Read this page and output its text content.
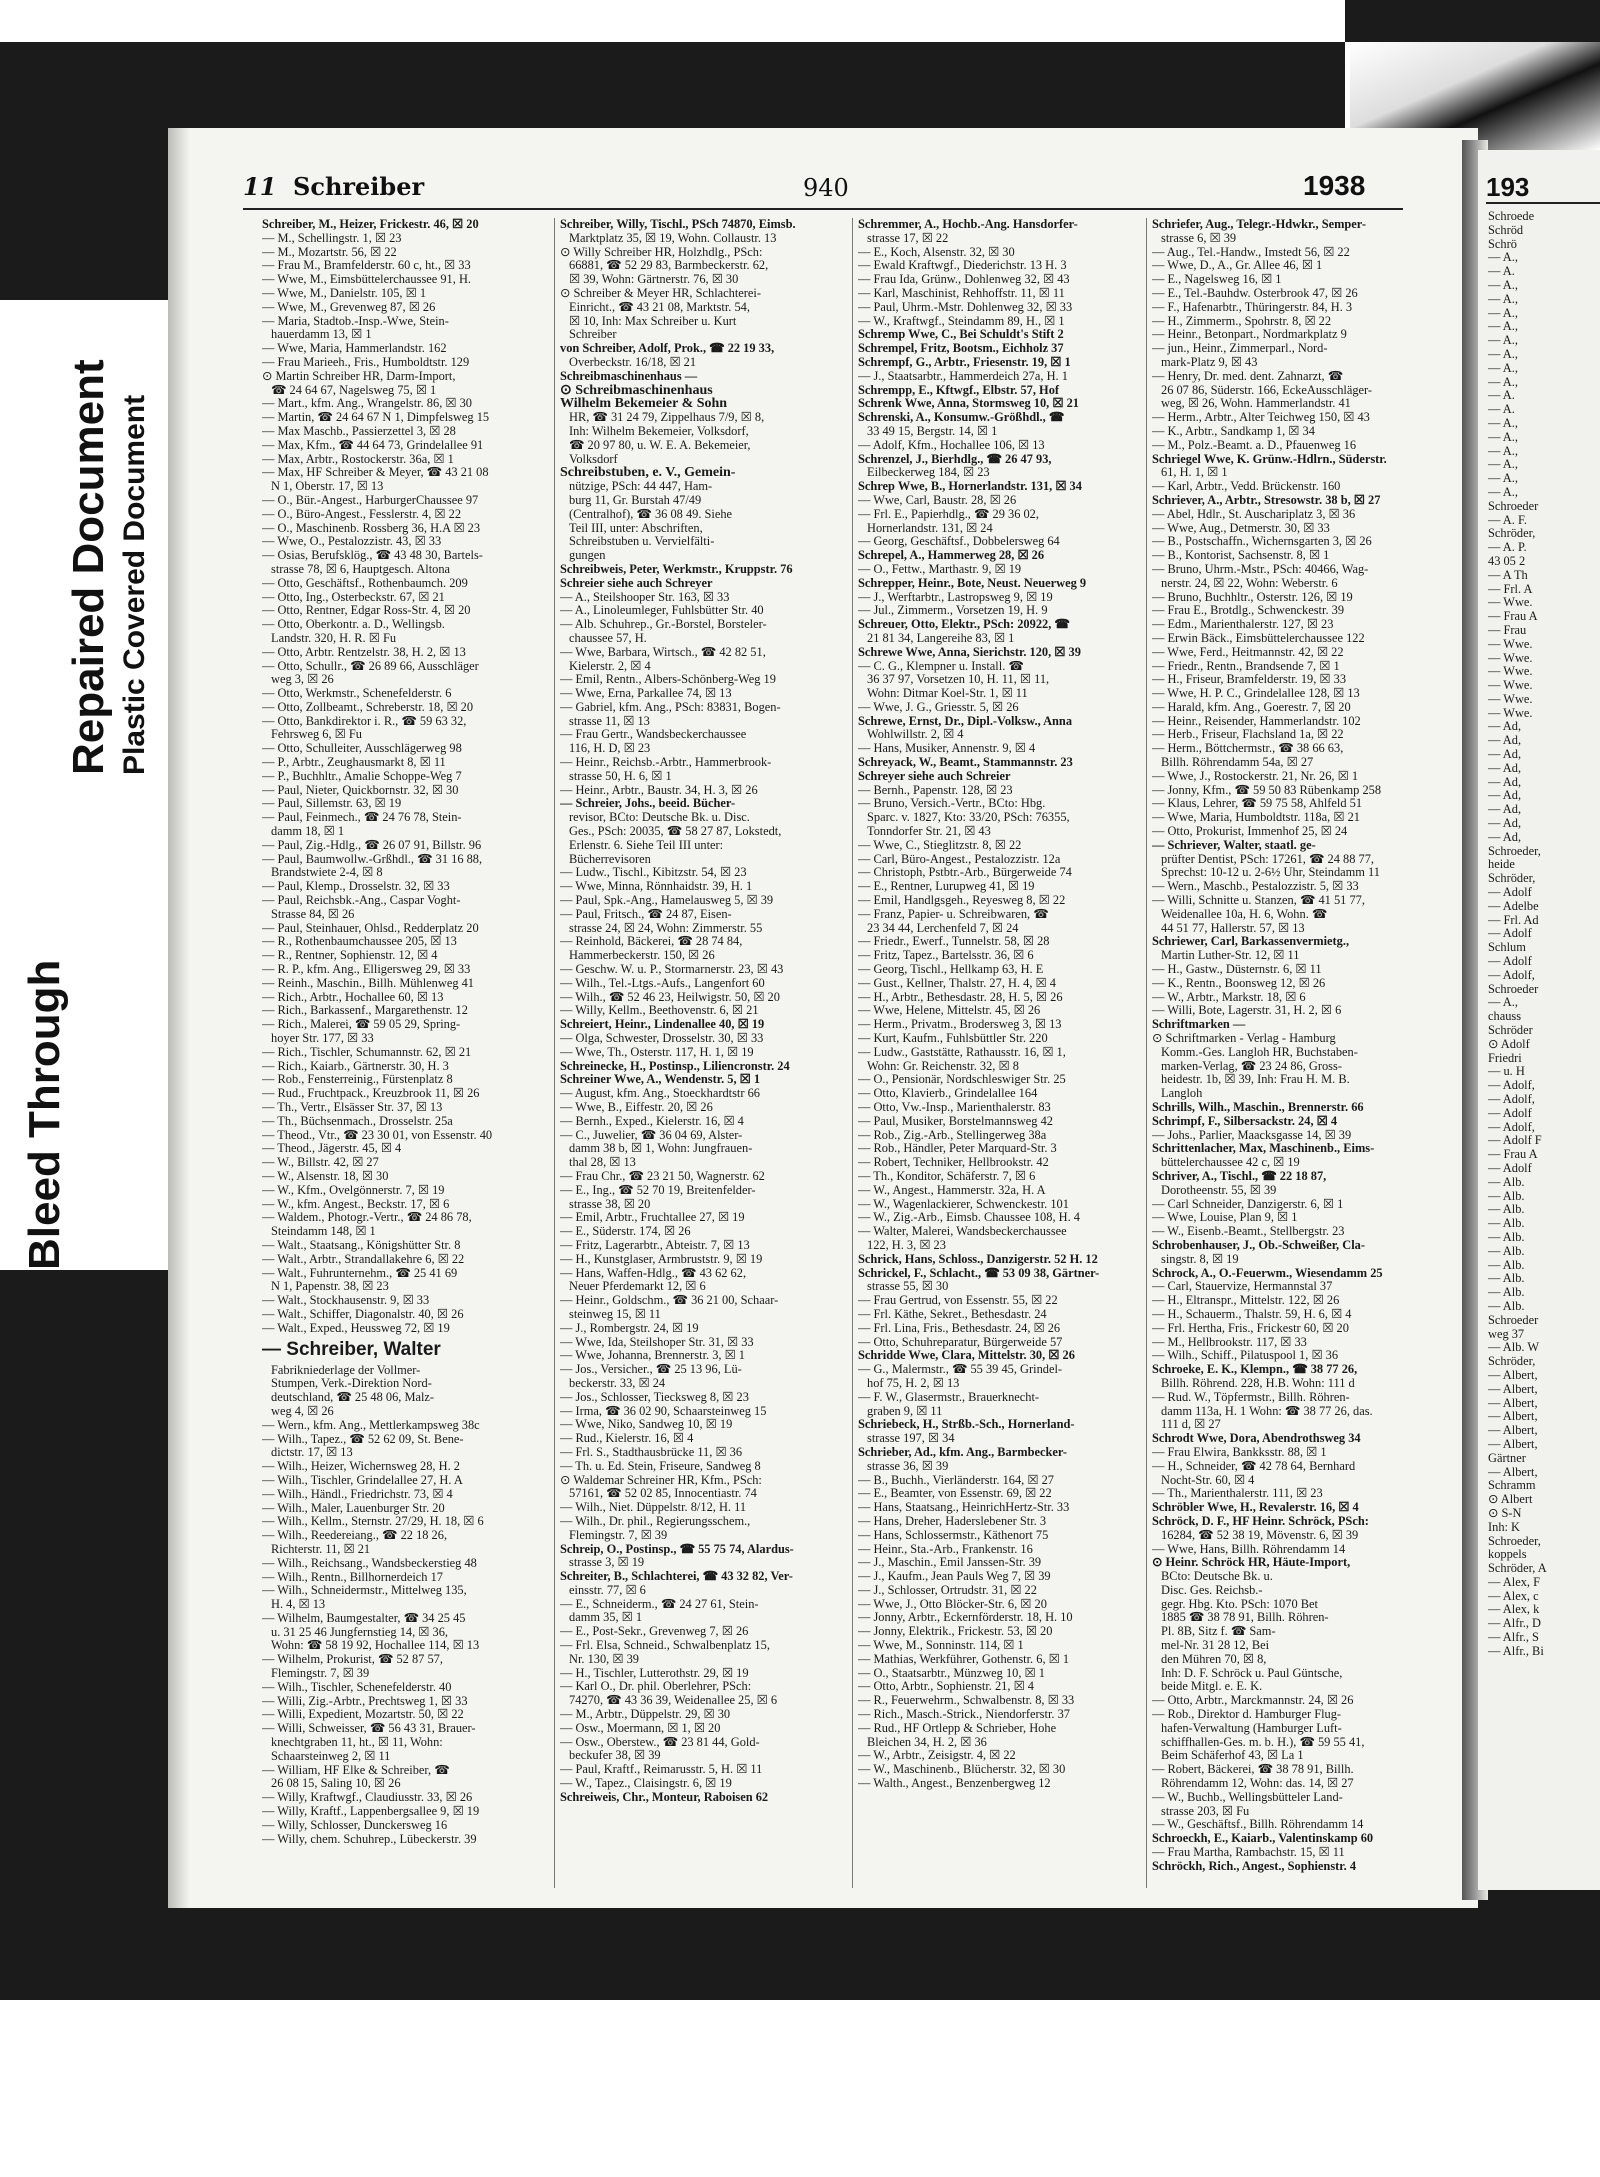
Bleed Through
Repaired Document Plastic Covered Document
193
Schroede
Schröd
Schrö
— A.,
— A.
— A.,
— A.,
— A.,
— A.,
— A.,
— A.,
— A.,
— A.,
— A.
— A.
— A.,
— A.,
— A.,
— A.,
— A.,
— A.,
Schroeder
— A. F.
Schröder,
— A. P.
43 05 2
— A Th
— Frl. A
— Wwe.
— Frau A
— Frau
— Wwe.
— Wwe.
— Wwe.
— Wwe.
— Wwe.
— Wwe.
— Ad,
— Ad,
— Ad,
— Ad,
— Ad,
— Ad,
— Ad,
— Ad,
— Ad,
Schroeder,
heide
Schröder,
— Adolf
— Adelbe
— Frl. Ad
— Adolf
Schlum
— Adolf
— Adolf,
Schroeder
— A.,
chauss
Schröder
⊙ Adolf
Friedri
— u. H
— Adolf,
— Adolf,
— Adolf
— Adolf,
— Adolf F
— Frau A
— Adolf
— Alb.
— Alb.
— Alb.
— Alb.
— Alb.
— Alb.
— Alb.
— Alb.
— Alb.
— Alb.
Schroeder
weg 37
— Alb. W
Schröder,
— Albert,
— Albert,
— Albert,
— Albert,
— Albert,
— Albert,
Gärtner
— Albert,
Schramm
⊙ Albert
⊙ S-N
Inh: K
Schroeder,
koppels
Schröder, A
— Alex, F
— Alex, c
— Alex, k
— Alfr., D
— Alfr., S
— Alfr., Bi
11 Schreiber	940	1938
Schreiber, M., Heizer, Frickestr. 46, ☒ 20
— M., Schellingstr. 1, ☒ 23
— M., Mozartstr. 56, ☒ 22
— Frau M., Bramfelderstr. 60 c, ht., ☒ 33
— Wwe, M., Eimsbüttelerchaussee 91, H.
— Wwe, M., Danielstr. 105, ☒ 1
— Wwe, M., Grevenweg 87, ☒ 26
— Maria, Stadtob.-Insp.-Wwe, Stein-
hauerdamm 13, ☒ 1
— Wwe, Maria, Hammerlandstr. 162
— Frau Marieeh., Fris., Humboldtstr. 129
⊙ Martin Schreiber HR, Darm-Import,
☎ 24 64 67, Nagelsweg 75, ☒ 1
— Mart., kfm. Ang., Wrangelstr. 86, ☒ 30
— Martin, ☎ 24 64 67 N 1, Dimpfelsweg 15
— Max Maschb., Passierzettel 3, ☒ 28
— Max, Kfm., ☎ 44 64 73, Grindelallee 91
— Max, Arbtr., Rostockerstr. 36a, ☒ 1
— Max, HF Schreiber & Meyer, ☎ 43 21 08
N 1, Oberstr. 17, ☒ 13
— O., Bür.-Angest., HarburgerChaussee 97
— O., Büro-Angest., Fesslerstr. 4, ☒ 22
— O., Maschinenb. Rossberg 36, H.A ☒ 23
— Wwe, O., Pestalozzistr. 43, ☒ 33
— Osias, Berufsklög., ☎ 43 48 30, Bartels-
strasse 78, ☒ 6, Hauptgesch. Altona
— Otto, Geschäftsf., Rothenbaumch. 209
— Otto, Ing., Osterbeckstr. 67, ☒ 21
— Otto, Rentner, Edgar Ross-Str. 4, ☒ 20
— Otto, Oberkontr. a. D., Wellingsb.
Landstr. 320, H. R. ☒ Fu
— Otto, Arbtr. Rentzelstr. 38, H. 2, ☒ 13
— Otto, Schullr., ☎ 26 89 66, Ausschläger
weg 3, ☒ 26
— Otto, Werkmstr., Schenefelderstr. 6
— Otto, Zollbeamt., Schreberstr. 18, ☒ 20
— Otto, Bankdirektor i. R., ☎ 59 63 32,
Fehrsweg 6, ☒ Fu
— Otto, Schulleiter, Ausschlägerweg 98
— P., Arbtr., Zeughausmarkt 8, ☒ 11
— P., Buchhltr., Amalie Schoppe-Weg 7
— Paul, Nieter, Quickbornstr. 32, ☒ 30
— Paul, Sillemstr. 63, ☒ 19
— Paul, Feinmech., ☎ 24 76 78, Stein-
damm 18, ☒ 1
— Paul, Zig.-Hdlg., ☎ 26 07 91, Billstr. 96
— Paul, Baumwollw.-Grßhdl., ☎ 31 16 88,
Brandstwiete 2-4, ☒ 8
— Paul, Klemp., Drosselstr. 32, ☒ 33
— Paul, Reichsbk.-Ang., Caspar Voght-
Strasse 84, ☒ 26
— Paul, Steinhauer, Ohlsd., Redderplatz 20
— R., Rothenbaumchaussee 205, ☒ 13
— R., Rentner, Sophienstr. 12, ☒ 4
— R. P., kfm. Ang., Elligersweg 29, ☒ 33
— Reinh., Maschin., Billh. Mühlenweg 41
— Rich., Arbtr., Hochallee 60, ☒ 13
— Rich., Barkassenf., Margarethenstr. 12
— Rich., Malerei, ☎ 59 05 29, Spring-
hoyer Str. 177, ☒ 33
— Rich., Tischler, Schumannstr. 62, ☒ 21
— Rich., Kaiarb., Gärtnerstr. 30, H. 3
— Rob., Fensterreinig., Fürstenplatz 8
— Rud., Fruchtpack., Kreuzbrook 11, ☒ 26
— Th., Vertr., Elsässer Str. 37, ☒ 13
— Th., Büchsenmach., Drosselstr. 25a
— Theod., Vtr., ☎ 23 30 01, von Essenstr. 40
— Theod., Jägerstr. 45, ☒ 4
— W., Billstr. 42, ☒ 27
— W., Alsenstr. 18, ☒ 30
— W., Kfm., Ovelgönnerstr. 7, ☒ 19
— W., kfm. Angest., Beckstr. 17, ☒ 6
— Waldem., Photogr.-Vertr., ☎ 24 86 78,
Steindamm 148, ☒ 1
— Walt., Staatsang., Königshütter Str. 8
— Walt., Arbtr., Strandallakehre 6, ☒ 22
— Walt., Fuhrunternehm., ☎ 25 41 69
N 1, Papenstr. 38, ☒ 23
— Walt., Stockhausenstr. 9, ☒ 33
— Walt., Schiffer, Diagonalstr. 40, ☒ 26
— Walt., Exped., Heussweg 72, ☒ 19
— Schreiber, Walter
Fabrikniederlage der Vollmer-
Stumpen, Verk.-Direktion Nord-
deutschland, ☎ 25 48 06, Malz-
weg 4, ☒ 26
— Wern., kfm. Ang., Mettlerkampsweg 38c
— Wilh., Tapez., ☎ 52 62 09, St. Bene-
dictstr. 17, ☒ 13
— Wilh., Heizer, Wichernsweg 28, H. 2
— Wilh., Tischler, Grindelallee 27, H. A
— Wilh., Händl., Friedrichstr. 73, ☒ 4
— Wilh., Maler, Lauenburger Str. 20
— Wilh., Kellm., Sternstr. 27/29, H. 18, ☒ 6
— Wilh., Reedereiang., ☎ 22 18 26,
Richterstr. 11, ☒ 21
— Wilh., Reichsang., Wandsbeckerstieg 48
— Wilh., Rentn., Billhornerdeich 17
— Wilh., Schneidermstr., Mittelweg 135,
H. 4, ☒ 13
— Wilhelm, Baumgestalter, ☎ 34 25 45
u. 31 25 46 Jungfernstieg 14, ☒ 36,
Wohn: ☎ 58 19 92, Hochallee 114, ☒ 13
— Wilhelm, Prokurist, ☎ 52 87 57,
Flemingstr. 7, ☒ 39
— Wilh., Tischler, Schenefelderstr. 40
— Willi, Zig.-Arbtr., Prechtsweg 1, ☒ 33
— Willi, Expedient, Mozartstr. 50, ☒ 22
— Willi, Schweisser, ☎ 56 43 31, Brauer-
knechtgraben 11, ht., ☒ 11, Wohn:
Schaarsteinweg 2, ☒ 11
— William, HF Elke & Schreiber, ☎
26 08 15, Saling 10, ☒ 26
— Willy, Kraftwgf., Claudiusstr. 33, ☒ 26
— Willy, Kraftf., Lappenbergsallee 9, ☒ 19
— Willy, Schlosser, Dunckersweg 16
— Willy, chem. Schuhrep., Lübeckerstr. 39
Schreiber, Willy, Tischl., PSch 74870, Eimsb.
Marktplatz 35, ☒ 19, Wohn. Collaustr. 13
⊙ Willy Schreiber HR, Holzhdlg., PSch:
66881, ☎ 52 29 83, Barmbeckerstr. 62,
☒ 39, Wohn: Gärtnerstr. 76, ☒ 30
⊙ Schreiber & Meyer HR, Schlachterei-
Einricht., ☎ 43 21 08, Marktstr. 54,
☒ 10, Inh: Max Schreiber u. Kurt
Schreiber
von Schreiber, Adolf, Prok., ☎ 22 19 33,
Overbeckstr. 16/18, ☒ 21
Schreibmaschinenhaus —
⊙ Schreibmaschinenhaus
Wilhelm Bekemeier & Sohn
HR, ☎ 31 24 79, Zippelhaus 7/9, ☒ 8,
Inh: Wilhelm Bekemeier, Volksdorf,
☎ 20 97 80, u. W. E. A. Bekemeier,
Volksdorf
Schreibstuben, e. V., Gemein-
nützige, PSch: 44 447, Ham-
burg 11, Gr. Burstah 47/49
(Centralhof), ☎ 36 08 49. Siehe
Teil III, unter: Abschriften,
Schreibstuben u. Vervielfälti-
gungen
Schreibweis, Peter, Werkmstr., Kruppstr. 76
Schreier siehe auch Schreyer
— A., Steilshooper Str. 163, ☒ 33
— A., Linoleumleger, Fuhlsbütter Str. 40
— Alb. Schuhrep., Gr.-Borstel, Borsteler-
chaussee 57, H.
— Wwe, Barbara, Wirtsch., ☎ 42 82 51,
Kielerstr. 2, ☒ 4
— Emil, Rentn., Albers-Schönberg-Weg 19
— Wwe, Erna, Parkallee 74, ☒ 13
— Gabriel, kfm. Ang., PSch: 83831, Bogen-
strasse 11, ☒ 13
— Frau Gertr., Wandsbeckerchaussee
116, H. D, ☒ 23
— Heinr., Reichsb.-Arbtr., Hammerbrook-
strasse 50, H. 6, ☒ 1
— Heinr., Arbtr., Baustr. 34, H. 3, ☒ 26
— Schreier, Johs., beeid. Bücher-
revisor, BCto: Deutsche Bk. u. Disc.
Ges., PSch: 20035, ☎ 58 27 87, Lokstedt,
Erlenstr. 6. Siehe Teil III unter:
Bücherrevisoren
— Ludw., Tischl., Kibitzstr. 54, ☒ 23
— Wwe, Minna, Rönnhaidstr. 39, H. 1
— Paul, Spk.-Ang., Hamelausweg 5, ☒ 39
— Paul, Fritsch., ☎ 24 87, Eisen-
strasse 24, ☒ 24, Wohn: Zimmerstr. 55
— Reinhold, Bäckerei, ☎ 28 74 84,
Hammerbeckerstr. 150, ☒ 26
— Geschw. W. u. P., Stormarnerstr. 23, ☒ 43
— Wilh., Tel.-Ltgs.-Aufs., Langenfort 60
— Wilh., ☎ 52 46 23, Heilwigstr. 50, ☒ 20
— Willy, Kellm., Beethovenstr. 6, ☒ 21
Schreiert, Heinr., Lindenallee 40, ☒ 19
— Olga, Schwester, Drosselstr. 30, ☒ 33
— Wwe, Th., Osterstr. 117, H. 1, ☒ 19
Schreinecke, H., Postinsp., Liliencronstr. 24
Schreiner Wwe, A., Wendenstr. 5, ☒ 1
— August, kfm. Ang., Stoeckhardtstr 66
— Wwe, B., Eiffestr. 20, ☒ 26
— Bernh., Exped., Kielerstr. 16, ☒ 4
— C., Juwelier, ☎ 36 04 69, Alster-
damm 38 b, ☒ 1, Wohn: Jungfrauen-
thal 28, ☒ 13
— Frau Chr., ☎ 23 21 50, Wagnerstr. 62
— E., Ing., ☎ 52 70 19, Breitenfelder-
strasse 38, ☒ 20
— Emil, Arbtr., Fruchtallee 27, ☒ 19
— E., Süderstr. 174, ☒ 26
— Fritz, Lagerarbtr., Abteistr. 7, ☒ 13
— H., Kunstglaser, Armbruststr. 9, ☒ 19
— Hans, Waffen-Hdlg., ☎ 43 62 62,
Neuer Pferdemarkt 12, ☒ 6
— Heinr., Goldschm., ☎ 36 21 00, Schaar-
steinweg 15, ☒ 11
— J., Rombergstr. 24, ☒ 19
— Wwe, Ida, Steilshoper Str. 31, ☒ 33
— Wwe, Johanna, Brennerstr. 3, ☒ 1
— Jos., Versicher., ☎ 25 13 96, Lü-
beckerstr. 33, ☒ 24
— Jos., Schlosser, Tiecksweg 8, ☒ 23
— Irma, ☎ 36 02 90, Schaarsteinweg 15
— Wwe, Niko, Sandweg 10, ☒ 19
— Rud., Kielerstr. 16, ☒ 4
— Frl. S., Stadthausbrücke 11, ☒ 36
— Th. u. Ed. Stein, Friseure, Sandweg 8
⊙ Waldemar Schreiner HR, Kfm., PSch:
57161, ☎ 52 02 85, Innocentiastr. 74
— Wilh., Niet. Düppelstr. 8/12, H. 11
— Wilh., Dr. phil., Regierungsschem.,
Flemingstr. 7, ☒ 39
Schreip, O., Postinsp., ☎ 55 75 74, Alardus-
strasse 3, ☒ 19
Schreiter, B., Schlachterei, ☎ 43 32 82, Ver-
einsstr. 77, ☒ 6
— E., Schneiderm., ☎ 24 27 61, Stein-
damm 35, ☒ 1
— E., Post-Sekr., Grevenweg 7, ☒ 26
— Frl. Elsa, Schneid., Schwalbenplatz 15,
Nr. 130, ☒ 39
— H., Tischler, Lutterothstr. 29, ☒ 19
— Karl O., Dr. phil. Oberlehrer, PSch:
74270, ☎ 43 36 39, Weidenallee 25, ☒ 6
— M., Arbtr., Düppelstr. 29, ☒ 30
— Osw., Moermann, ☒ 1, ☒ 20
— Osw., Oberstew., ☎ 23 81 44, Gold-
beckufer 38, ☒ 39
— Paul, Kraftf., Reimarusstr. 5, H. ☒ 11
— W., Tapez., Claisingstr. 6, ☒ 19
Schreiweis, Chr., Monteur, Raboisen 62
Schremmer, A., Hochb.-Ang. Hansdorfer-
strasse 17, ☒ 22
— E., Koch, Alsenstr. 32, ☒ 30
— Ewald Kraftwgf., Diederichstr. 13 H. 3
— Frau Ida, Grünw., Dohlenweg 32, ☒ 43
— Karl, Maschinist, Rehhoffstr. 11, ☒ 11
— Paul, Uhrm.-Mstr. Dohlenweg 32, ☒ 33
— W., Kraftwgf., Steindamm 89, H., ☒ 1
Schremp Wwe, C., Bei Schuldt's Stift 2
Schrempel, Fritz, Bootsm., Eichholz 37
Schrempf, G., Arbtr., Friesenstr. 19, ☒ 1
— J., Staatsarbtr., Hammerdeich 27a, H. 1
Schrempp, E., Kftwgf., Elbstr. 57, Hof
Schrenk Wwe, Anna, Stormsweg 10, ☒ 21
Schrenski, A., Konsumw.-Größhdl., ☎
33 49 15, Bergstr. 14, ☒ 1
— Adolf, Kfm., Hochallee 106, ☒ 13
Schrenzel, J., Bierhdlg., ☎ 26 47 93,
Eilbeckerweg 184, ☒ 23
Schrep Wwe, B., Hornerlandstr. 131, ☒ 34
— Wwe, Carl, Baustr. 28, ☒ 26
— Frl. E., Papierhdlg., ☎ 29 36 02,
Hornerlandstr. 131, ☒ 24
— Georg, Geschäftsf., Dobbelersweg 64
Schrepel, A., Hammerweg 28, ☒ 26
— O., Fettw., Marthastr. 9, ☒ 19
Schrepper, Heinr., Bote, Neust. Neuerweg 9
— J., Werftarbtr., Lastropsweg 9, ☒ 19
— Jul., Zimmerm., Vorsetzen 19, H. 9
Schreuer, Otto, Elektr., PSch: 20922, ☎
21 81 34, Langereihe 83, ☒ 1
Schrewe Wwe, Anna, Sierichstr. 120, ☒ 39
— C. G., Klempner u. Install. ☎
36 37 97, Vorsetzen 10, H. 11, ☒ 11,
Wohn: Ditmar Koel-Str. 1, ☒ 11
— Wwe, J. G., Griesstr. 5, ☒ 26
Schrewe, Ernst, Dr., Dipl.-Volksw., Anna
Wohlwillstr. 2, ☒ 4
— Hans, Musiker, Annenstr. 9, ☒ 4
Schreyack, W., Beamt., Stammannstr. 23
Schreyer siehe auch Schreier
— Bernh., Papenstr. 128, ☒ 23
— Bruno, Versich.-Vertr., BCto: Hbg.
Sparc. v. 1827, Kto: 33/20, PSch: 76355,
Tonndorfer Str. 21, ☒ 43
— Wwe, C., Stieglitzstr. 8, ☒ 22
— Carl, Büro-Angest., Pestalozzistr. 12a
— Christoph, Pstbtr.-Arb., Bürgerweide 74
— E., Rentner, Lurupweg 41, ☒ 19
— Emil, Handlgsgeh., Reyesweg 8, ☒ 22
— Franz, Papier- u. Schreibwaren, ☎
23 34 44, Lerchenfeld 7, ☒ 24
— Friedr., Ewerf., Tunnelstr. 58, ☒ 28
— Fritz, Tapez., Bartelsstr. 36, ☒ 6
— Georg, Tischl., Hellkamp 63, H. E
— Gust., Kellner, Thalstr. 27, H. 4, ☒ 4
— H., Arbtr., Bethesdastr. 28, H. 5, ☒ 26
— Wwe, Helene, Mittelstr. 45, ☒ 26
— Herm., Privatm., Brodersweg 3, ☒ 13
— Kurt, Kaufm., Fuhlsbüttler Str. 220
— Ludw., Gaststätte, Rathausstr. 16, ☒ 1,
Wohn: Gr. Reichenstr. 32, ☒ 8
— O., Pensionär, Nordschleswiger Str. 25
— Otto, Klavierb., Grindelallee 164
— Otto, Vw.-Insp., Marienthalerstr. 83
— Paul, Musiker, Borstelmannsweg 42
— Rob., Zig.-Arb., Stellingerweg 38a
— Rob., Händler, Peter Marquard-Str. 3
— Robert, Techniker, Hellbrookstr. 42
— Th., Konditor, Schäferstr. 7, ☒ 6
— W., Angest., Hammerstr. 32a, H. A
— W., Wagenlackierer, Schwenckestr. 101
— W., Zig.-Arb., Eimsb. Chaussee 108, H. 4
— Walter, Malerei, Wandsbeckerchaussee
122, H. 3, ☒ 23
Schrick, Hans, Schloss., Danzigerstr. 52 H. 12
Schrickel, F., Schlacht., ☎ 53 09 38, Gärtner-
strasse 55, ☒ 30
— Frau Gertrud, von Essenstr. 55, ☒ 22
— Frl. Käthe, Sekret., Bethesdastr. 24
— Frl. Lina, Fris., Bethesdastr. 24, ☒ 26
— Otto, Schuhreparatur, Bürgerweide 57
Schridde Wwe, Clara, Mittelstr. 30, ☒ 26
— G., Malermstr., ☎ 55 39 45, Grindel-
hof 75, H. 2, ☒ 13
— F. W., Glasermstr., Brauerknecht-
graben 9, ☒ 11
Schriebeck, H., Strßb.-Sch., Hornerland-
strasse 197, ☒ 34
Schrieber, Ad., kfm. Ang., Barmbecker-
strasse 36, ☒ 39
— B., Buchh., Vierländerstr. 164, ☒ 27
— E., Beamter, von Essenstr. 69, ☒ 22
— Hans, Staatsang., HeinrichHertz-Str. 33
— Hans, Dreher, Haderslebener Str. 3
— Hans, Schlossermstr., Käthenort 75
— Heinr., Sta.-Arb., Frankenstr. 16
— J., Maschin., Emil Janssen-Str. 39
— J., Kaufm., Jean Pauls Weg 7, ☒ 39
— J., Schlosser, Ortrudstr. 31, ☒ 22
— Wwe, J., Otto Blöcker-Str. 6, ☒ 20
— Jonny, Arbtr., Eckernförderstr. 18, H. 10
— Jonny, Elektrik., Frickestr. 53, ☒ 20
— Wwe, M., Sonninstr. 114, ☒ 1
— Mathias, Werkführer, Gothenstr. 6, ☒ 1
— O., Staatsarbtr., Münzweg 10, ☒ 1
— Otto, Arbtr., Sophienstr. 21, ☒ 4
— R., Feuerwehrm., Schwalbenstr. 8, ☒ 33
— Rich., Masch.-Strick., Niendorferstr. 37
— Rud., HF Ortlepp & Schrieber, Hohe
Bleichen 34, H. 2, ☒ 36
— W., Arbtr., Zeisigstr. 4, ☒ 22
— W., Maschinenb., Blücherstr. 32, ☒ 30
— Walth., Angest., Benzenbergweg 12
Schriefer, Aug., Telegr.-Hdwkr., Semper-
strasse 6, ☒ 39
— Aug., Tel.-Handw., Imstedt 56, ☒ 22
— Wwe, D., A., Gr. Allee 46, ☒ 1
— E., Nagelsweg 16, ☒ 1
— E., Tel.-Bauhdw. Osterbrook 47, ☒ 26
— F., Hafenarbtr., Thüringerstr. 84, H. 3
— H., Zimmerm., Spohrstr. 8, ☒ 22
— Heinr., Betonpart., Nordmarkplatz 9
— jun., Heinr., Zimmerparl., Nord-
mark-Platz 9, ☒ 43
— Henry, Dr. med. dent. Zahnarzt, ☎
26 07 86, Süderstr. 166, EckeAusschläger-
weg, ☒ 26, Wohn. Hammerlandstr. 41
— Herm., Arbtr., Alter Teichweg 150, ☒ 43
— K., Arbtr., Sandkamp 1, ☒ 34
— M., Polz.-Beamt. a. D., Pfauenweg 16
Schriegel Wwe, K. Grünw.-Hdlrn., Süderstr.
61, H. 1, ☒ 1
— Karl, Arbtr., Vedd. Brückenstr. 160
Schriever, A., Arbtr., Stresowstr. 38 b, ☒ 27
— Abel, Hdlr., St. Auschariplatz 3, ☒ 36
— Wwe, Aug., Detmerstr. 30, ☒ 33
— B., Postschaffn., Wichernsgarten 3, ☒ 26
— B., Kontorist, Sachsenstr. 8, ☒ 1
— Bruno, Uhrm.-Mstr., PSch: 40466, Wag-
nerstr. 24, ☒ 22, Wohn: Weberstr. 6
— Bruno, Buchhltr., Osterstr. 126, ☒ 19
— Frau E., Brotdlg., Schwenckestr. 39
— Edm., Marienthalerstr. 127, ☒ 23
— Erwin Bäck., Eimsbüttelerchaussee 122
— Wwe, Ferd., Heitmannstr. 42, ☒ 22
— Friedr., Rentn., Brandsende 7, ☒ 1
— H., Friseur, Bramfelderstr. 19, ☒ 33
— Wwe, H. P. C., Grindelallee 128, ☒ 13
— Harald, kfm. Ang., Goerestr. 7, ☒ 20
— Heinr., Reisender, Hammerlandstr. 102
— Herb., Friseur, Flachsland 1a, ☒ 22
— Herm., Böttchermstr., ☎ 38 66 63,
Billh. Röhrendamm 54a, ☒ 27
— Wwe, J., Rostockerstr. 21, Nr. 26, ☒ 1
— Jonny, Kfm., ☎ 59 50 83 Rübenkamp 258
— Klaus, Lehrer, ☎ 59 75 58, Ahlfeld 51
— Wwe, Maria, Humboldtstr. 118a, ☒ 21
— Otto, Prokurist, Immenhof 25, ☒ 24
— Schriever, Walter, staatl. ge-
prüfter Dentist, PSch: 17261, ☎ 24 88 77,
Sprechst: 10-12 u. 2-6½ Uhr, Steindamm 11
— Wern., Maschb., Pestalozzistr. 5, ☒ 33
— Willi, Schnitte u. Stanzen, ☎ 41 51 77,
Weidenallee 10a, H. 6, Wohn. ☎
44 51 77, Hallerstr. 57, ☒ 13
Schriewer, Carl, Barkassenvermietg.,
Martin Luther-Str. 12, ☒ 11
— H., Gastw., Düsternstr. 6, ☒ 11
— K., Rentn., Boonsweg 12, ☒ 26
— W., Arbtr., Markstr. 18, ☒ 6
— Willi, Bote, Lagerstr. 31, H. 2, ☒ 6
Schriftmarken —
⊙ Schriftmarken - Verlag - Hamburg
Komm.-Ges. Langloh HR, Buchstaben-
marken-Verlag, ☎ 23 24 86, Gross-
heidestr. 1b, ☒ 39, Inh: Frau H. M. B.
Langloh
Schrills, Wilh., Maschin., Brennerstr. 66
Schrimpf, F., Silbersackstr. 24, ☒ 4
— Johs., Parlier, Maacksgasse 14, ☒ 39
Schrittenlacher, Max, Maschinenb., Eims-
büttelerchaussee 42 c, ☒ 19
Schriver, A., Tischl., ☎ 22 18 87,
Dorotheenstr. 55, ☒ 39
— Carl Schneider, Danzigerstr. 6, ☒ 1
— Wwe, Louise, Plan 9, ☒ 1
— W., Eisenb.-Beamt., Stellbergstr. 23
Schrobenhauser, J., Ob.-Schweißer, Cla-
singstr. 8, ☒ 19
Schrock, A., O.-Feuerwm., Wiesendamm 25
— Carl, Stauervize, Hermannstal 37
— H., Eltranspr., Mittelstr. 122, ☒ 26
— H., Schauerm., Thalstr. 59, H. 6, ☒ 4
— Frl. Hertha, Fris., Frickestr 60, ☒ 20
— M., Hellbrookstr. 117, ☒ 33
— Wilh., Schiff., Pilatuspool 1, ☒ 36
Schroeke, E. K., Klempn., ☎ 38 77 26,
Billh. Röhrend. 228, H.B. Wohn: 111 d
— Rud. W., Töpfermstr., Billh. Röhren-
damm 113a, H. 1 Wohn: ☎ 38 77 26, das.
111 d, ☒ 27
Schrodt Wwe, Dora, Abendrothsweg 34
— Frau Elwira, Bankksstr. 88, ☒ 1
— H., Schneider, ☎ 42 78 64, Bernhard
Nocht-Str. 60, ☒ 4
— Th., Marienthalerstr. 111, ☒ 23
Schröbler Wwe, H., Revalerstr. 16, ☒ 4
Schröck, D. F., HF Heinr. Schröck, PSch:
16284, ☎ 52 38 19, Mövenstr. 6, ☒ 39
— Wwe, Hans, Billh. Röhrendamm 14
⊙ Heinr. Schröck HR, Häute-Import,
BCto: Deutsche Bk. u.
Disc. Ges. Reichsb.-
gegr. Hbg. Kto. PSch: 1070 Bet
1885 ☎ 38 78 91, Billh. Röhren-
Pl. 8B, Sitz f. ☎ Sam-
mel-Nr. 31 28 12, Bei
den Mühren 70, ☒ 8,
Inh: D. F. Schröck u. Paul Güntsche,
beide Mitgl. e. E. K.
— Otto, Arbtr., Marckmannstr. 24, ☒ 26
— Rob., Direktor d. Hamburger Flug-
hafen-Verwaltung (Hamburger Luft-
schiffhallen-Ges. m. b. H.), ☎ 59 55 41,
Beim Schäferhof 43, ☒ La 1
— Robert, Bäckerei, ☎ 38 78 91, Billh.
Röhrendamm 12, Wohn: das. 14, ☒ 27
— W., Buchb., Wellingsbütteler Land-
strasse 203, ☒ Fu
— W., Geschäftsf., Billh. Röhrendamm 14
Schroeckh, E., Kaiarb., Valentinskamp 60
— Frau Martha, Rambachstr. 15, ☒ 11
Schröckh, Rich., Angest., Sophienstr. 4
